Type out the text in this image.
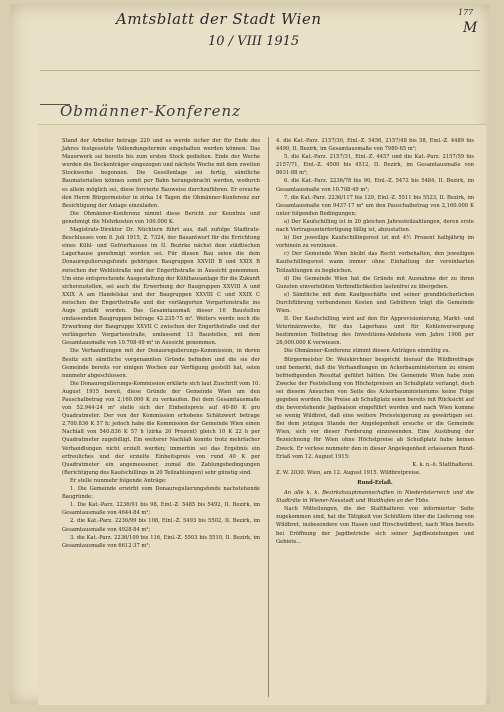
Amtsblatt der Stadt Wien
10 / VIII 1915
177
M
Obmänner-Konferenz

Stand der Arbeiter betrage 220 und es werde sicher der für Ende des Jahres festgesetzte Vollendungstermin eingehalten werden können. Das Mauerwerk sei bereits bis zum ersten Stock gediehen. Ende der Woche werden die Deckenträger eingezogen und nächste Woche mit dem zweiten Stockwerke begonnen. Die Gesellenlage sei fertig, sämtliche Baumaterialien können somit per Bahn herangebracht werden, wodurch es allein möglich sei, diese forcierte Bauweise durchzuführen. Er ersuche den Herrn Bürgermeister in zirka 14 Tagen die Obmänner-Konferenz zur Besichtigung der Anlage einzuladen.

Die Obmänner-Konferenz nimmt diese Bericht zur Kenntnis und genehmigt die Mehrkosten von 100.000 K.

Magistrats-Direktor Dr. Nüchtern führt aus, daß zufolge Stadtrats-Beschlusses vom 8. Juli 1915, Z. 7324, der Bauantwurf für die Errichtung eines Kühl- und Gefrierhauses im II. Bezirke nächst dem städtischen Lagerhause genehmigt worden sei. Für diesen Bau seien die dem Donauregulierungsfonds gehörigen Baugruppen XXVIII B und XXIX B zwischen der Wehlistraße und der Engerthstraße in Aussicht genommen. Um eine entsprechende Ausgestaltung der Kühlhausanlage für die Zukunft sicherzustellen, sei auch die Erwerbung der Baugruppen XXVIII A und XXIX A am Handelskai und der Baugruppen XXVIII C und XXIX C zwischen der Engerthstraße und der verlängerten Vorgartenstraße ins Auge gefaßt worden. Das Gesamtausmaß dieser 16 Baustellen umfassenden Baugruppen betrage 42.235·75 m². Weiters werde noch die Erwerbung der Baugruppe XXVII C zwischen der Engerthstraße und der verlängerten Vorgartenstraße, umfassend 13 Baustellen, mit dem Gesamtausmaße von 10.708·49 m² in Aussicht genommen.

Die Verhandlungen mit der Donauregulierungs-Kommission, in deren Besitz sich sämtliche vorgenannten Gründe befinden und die sie der Gemeinde bereits vor einigen Wochen zur Verfügung gestellt hat, seien nunmehr abgeschlossen.

Die Donauregulierungs-Kommission erklärte sich laut Zuschrift vom 10. August 1915 bereit, diese Gründe der Gemeinde Wien um den Pauschalbetrag von 2,160.000 K zu verkaufen. Bei dem Gesamtausmaße von 52.944·24 m² stelle sich der Einheitspreis auf 40·80 K pro Quadratmeter. Der von der Kommission erhobene Schätzwert betrage 2,700.836 K 57 h; jedoch habe die Kommission der Gemeinde Wien einen Nachlaß von 540.836 K 57 h (zirka 20 Prozent) gleich 10 K 22 h per Quadratmeter zugebilligt. Ein weiterer Nachlaß konnte trotz mehrfacher Verhandlungen nicht erzielt werden; immerhin sei das Ergebnis ein erfreuliches und der erzielte Einheitspreis von rund 40 K per Quadratmeter ein angemessener, zumal die Zahlungsbedingungen (Berichtigung des Kaufschillings in 20 Teilzahlungen) sehr günstig sind.

Er stelle nunmehr folgende Anträge:

1. Die Gemeinde erwirbt vom Donauregulierungsfonds nachstehende Baugründe:

1. Die Kat.-Parz. 2236/91 bis 98, Einl.-Z. 5485 bis 5492, II. Bezirk, im Gesamtausmaße von 4644·84 m²;

2. die Kat.-Parz. 2236/99 bis 108, Einl.-Z. 5493 bis 5502, II. Bezirk, im Gesamtausmaße von 4928·84 m²;

3. die Kat.-Parz. 2236/109 bis 116, Einl.-Z. 5503 bis 5510, II. Bezirk, im Gesamtausmaße von 6612·37 m²;

4. die Kat.-Parz. 2157/30, Einl.-Z. 5456, 2157/48 bis 58, Einl.-Z. 4489 bis 4499, II. Bezirk, im Gesamtausmaße von 7980·65 m²;

5. die Kat.-Parz. 2157/31, Einl.-Z. 4457 und die Kat.-Parz. 2157/59 bis 2157/71, Einl.-Z. 4500 bis 4512, II. Bezirk, im Gesamtausmaße von 8631·88 m²;

6. die Kat.-Parz. 2236/78 bis 90, Einl.-Z. 5472 bis 5484, II. Bezirk, im Gesamtausmaße von 10.708·49 m²;

7. die Kat.-Parz. 2236/117 bis 129, Einl.-Z. 5511 bis 5523, II. Bezirk, im Gesamtausmaße von 9437·17 m² um den Pauschalbetrag von 2,160.000 K unter folgenden Bedingungen:

a) Der Kaufschilling ist in 20 gleichen Jahresteilzahlungen, deren erste nach Vertragsunterfertigung fällig ist, abzustatten.

b) Der jeweilige Kaufschillingsrest ist mit 4½ Prozent halbjährig im vorhinein zu verzinsen.

c) Der Gemeinde Wien bleibt das Recht vorbehalten, den jeweiligen Kaufschillingsrest wann immer ohne Einhaltung der vereinbarten Teilzahlungen zu begleichen.

d) Die Gemeinde Wien hat die Gründe mit Ausnahme der zu ihren Gunsten einverleibten Verbindlichkeiten lastenfrei zu übergeben.

e) Sämtliche mit dem Kaufgeschäfte und seiner grundbücherlichen Durchführung verbundenen Kosten und Gebühren trägt die Gemeinde Wien.

II. Der Kaufschilling wird auf den für Approvisionierung, Markt- und Veterinärzwecke, für das Lagerhaus und für Kohlenversorgung bestimmten Teilbetrag des Investitions-Anlehens vom Jahre 1908 per 28,000.000 K verwiesen.

Die Obmänner-Konferenz stimmt diesen Anträgen einmütig zu.

Bürgermeister Dr. Weiskirchner bespricht hierauf die Wildbretfrage und bemerkt, daß die Verhandlungen im Ackerbauministerium zu einem befriedigenden Resultat geführt hätten. Die Gemeinde Wien habe zum Zwecke der Feststellung von Höchstpreisen an Schußplatz verlangt, doch sei diesem Ansuchen von Seite des Ackerbauministeriums keine Folge gegeben worden. Die Preise ab Schußplatz seien bereits mit Rücksicht auf die bevorstehende Jagdsaison eingeführt worden und nach Wien komme so wenig Wildbret, daß eine weitere Preissteigerung zu gewärtigen sei. Bei dem jetzigen Stande der Angelegenheit ersuche er die Gemeinde Wien, sich vor dieser Forderung einzuwenden. Eine Ausübung der Bezeichnung für Wien ohne Höchstpreise ab Schußplatz habe keinen Zweck. Er verlese nunmehr den in dieser Angelegenheit erlassenen Rund-Erlaß vom 12. August 1915:

K. k. n.-ö. Statthalterei.

Z. W. 2030. Wien, am 12. August 1915. Wildbretpreise.

Rund-Erlaß.

An alle k. k. Bezirkshauptmannschaften in Niederösterreich und die Stadträte in Wiener-Neustadt und Waidhofen an der Ybbs.

Nach Mitteilungen, die der Statthalterei von informierter Seite zugekommen sind, hat die Tätigkeit von Schüßlern über die Lieferung von Wildbret, insbesondere von Hasen und Hirschwildbret, nach Wien bereits bei Eröffnung der Jagdbetriebe sich seiner Jagdbeziehungen und Gebiete...
